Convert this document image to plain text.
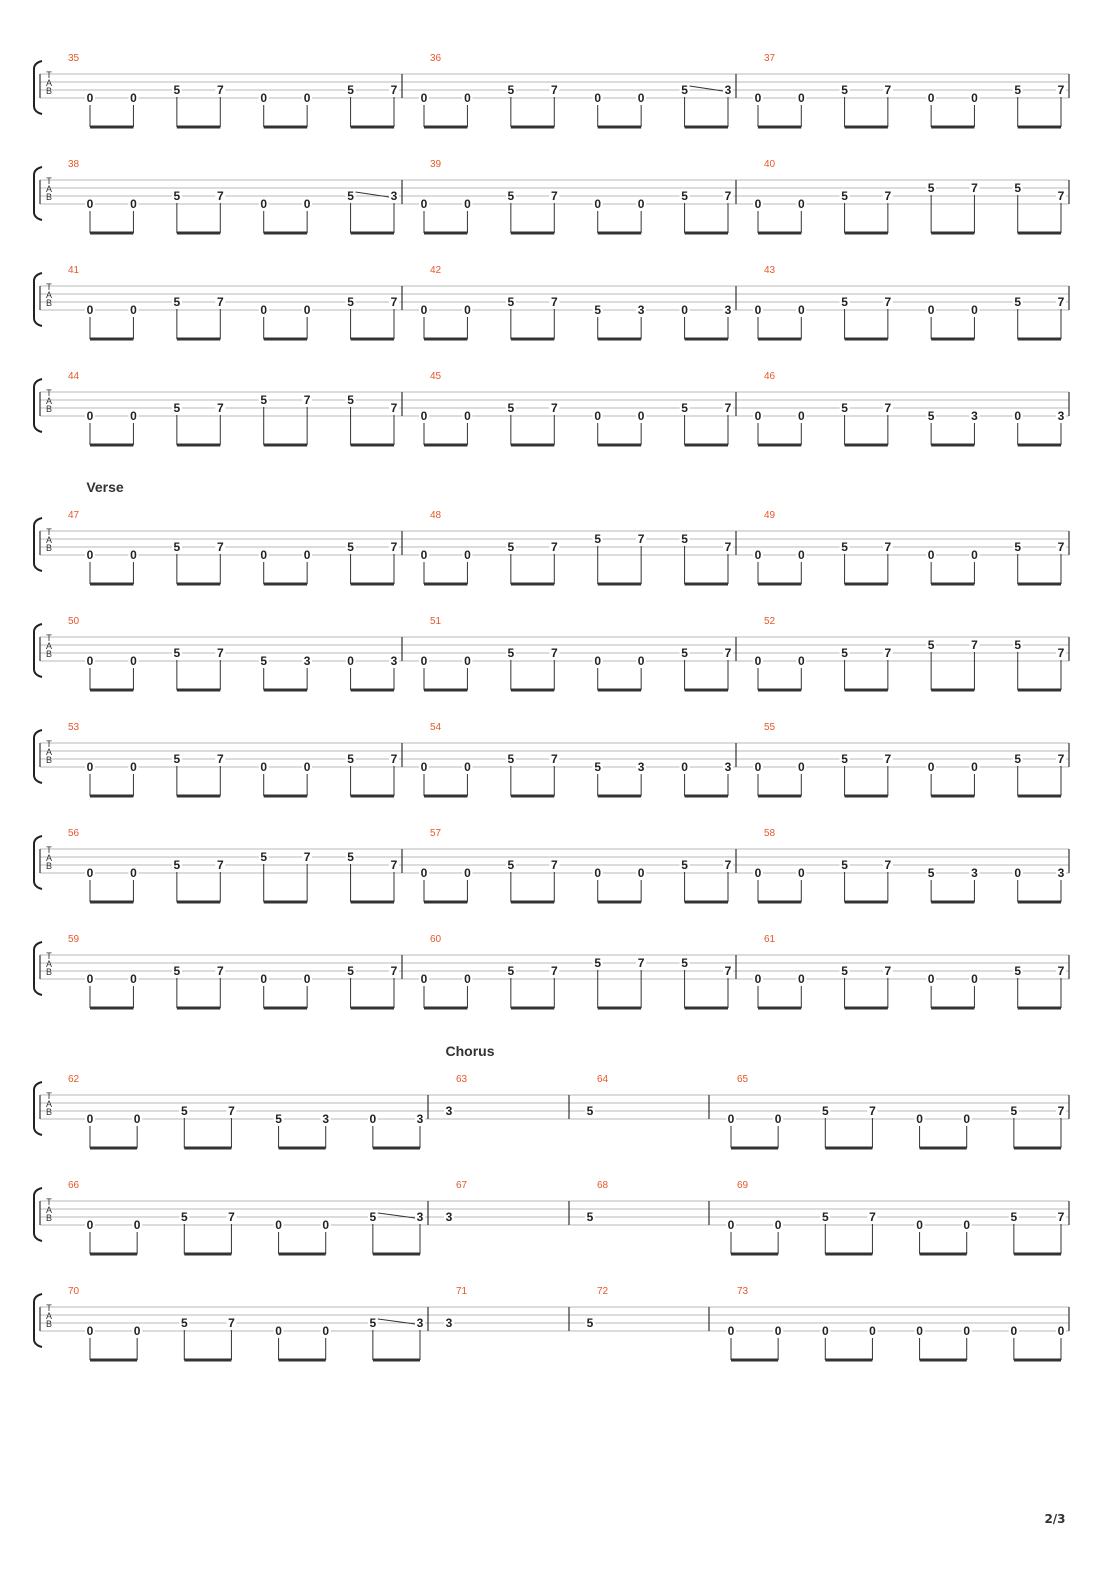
T
A
B
35
0	0
5	7
0	0
5	7
36
0	0
5	7
0	0
5	3
37
0	0
5	7
0	0
5	7
T
A
B
38
0	0
5	7
0	0
5	3
39
0	0
5	7
0	0
5	7
40
0	0
5	7
5	7	5
7
T
A
B
41
0	0
5	7
0	0
5	7
42
0	0
5	7
5	3	0	3
43
0	0
5	7
0	0
5	7
T
A
B
44
0	0
5	7
5	7	5
7
45
0	0
5	7
0	0
5	7
46
0	0
5	7
5	3	0	3
Verse
T
A
B
47
0	0
5	7
0	0
5	7
48
0	0
5	7
5	7	5
7
49
0	0
5	7
0	0
5	7
T
A
B
50
0	0
5	7
5	3	0	3
51
0	0
5	7
0	0
5	7
52
0	0
5	7
5	7	5
7
T
A
B
53
0	0
5	7
0	0
5	7
54
0	0
5	7
5	3	0	3
55
0	0
5	7
0	0
5	7
T
A
B
56
0	0
5	7
5	7	5
7
57
0	0
5	7
0	0
5	7
58
0	0
5	7
5	3	0	3
T
A
B
59
0	0
5	7
0	0
5	7
60
0	0
5	7
5	7	5
7
61
0	0
5	7
0	0
5	7
Chorus
T
A
B
62
0	0
5	7
5	3	0	3
63
3
64
5
65
0	0
5	7
0	0
5	7
T
A
B
66
0	0
5	7
0	0
5	3
67
3
68
5
69
0	0
5	7
0	0
5	7
T
A
B
70
0	0
5	7
0	0
5	3
71
3
72
5
73
0	0	0	0	0	0	0	0
2/3
